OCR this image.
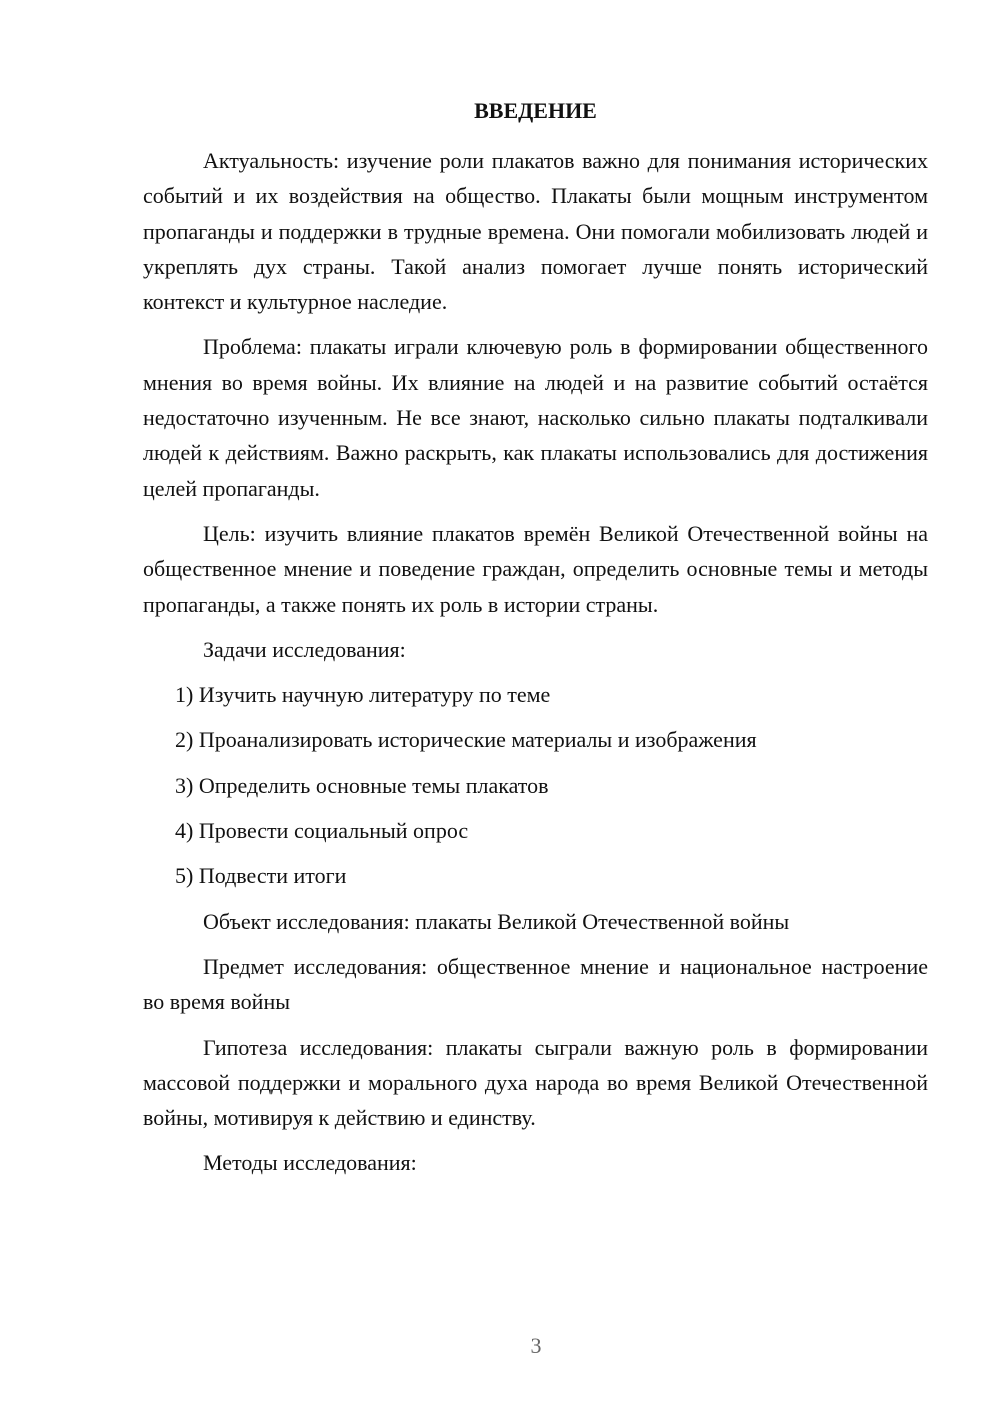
ВВЕДЕНИЕ

Актуальность: изучение роли плакатов важно для понимания исторических событий и их воздействия на общество. Плакаты были мощным инструментом пропаганды и поддержки в трудные времена. Они помогали мобилизовать людей и укреплять дух страны. Такой анализ помогает лучше понять исторический контекст и культурное наследие.

Проблема: плакаты играли ключевую роль в формировании общественного мнения во время войны. Их влияние на людей и на развитие событий остаётся недостаточно изученным. Не все знают, насколько сильно плакаты подталкивали людей к действиям. Важно раскрыть, как плакаты использовались для достижения целей пропаганды.

Цель: изучить влияние плакатов времён Великой Отечественной войны на общественное мнение и поведение граждан, определить основные темы и методы пропаганды, а также понять их роль в истории страны.

Задачи исследования:

1) Изучить научную литературу по теме

2) Проанализировать исторические материалы и изображения

3) Определить основные темы плакатов

4) Провести социальный опрос

5) Подвести итоги

Объект исследования: плакаты Великой Отечественной войны

Предмет исследования: общественное мнение и национальное настроение во время войны

Гипотеза исследования: плакаты сыграли важную роль в формировании массовой поддержки и морального духа народа во время Великой Отечественной войны, мотивируя к действию и единству.

Методы исследования:

3
